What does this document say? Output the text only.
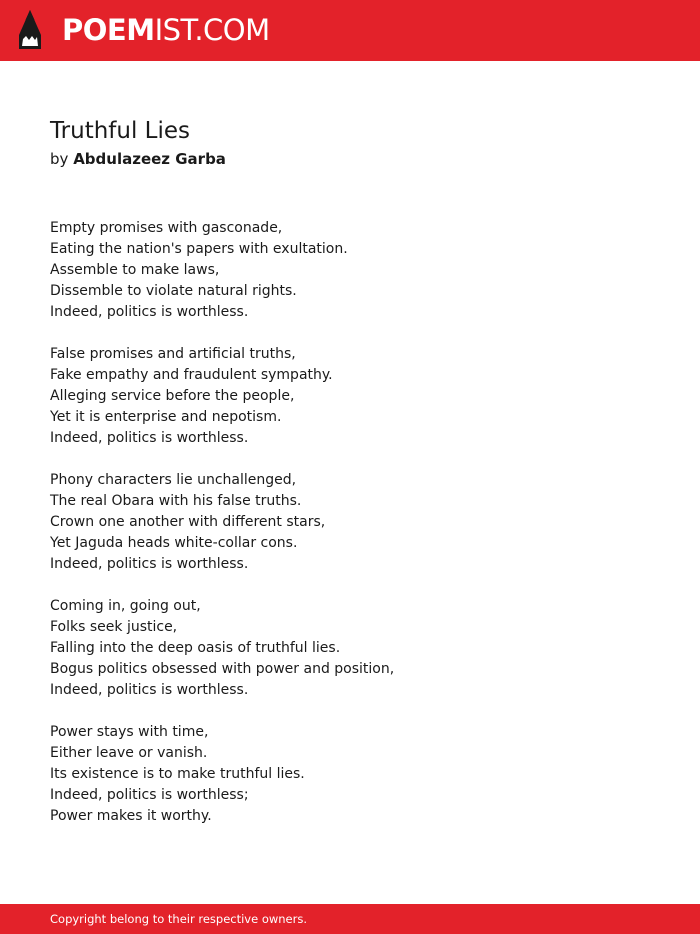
POEMIST.COM
Truthful Lies
by Abdulazeez Garba
Empty promises with gasconade,
Eating the nation's papers with exultation.
Assemble to make laws,
Dissemble to violate natural rights.
Indeed, politics is worthless.
False promises and artificial truths,
Fake empathy and fraudulent sympathy.
Alleging service before the people,
Yet it is enterprise and nepotism.
Indeed, politics is worthless.
Phony characters lie unchallenged,
The real Obara with his false truths.
Crown one another with different stars,
Yet Jaguda heads white-collar cons.
Indeed, politics is worthless.
Coming in, going out,
Folks seek justice,
Falling into the deep oasis of truthful lies.
Bogus politics obsessed with power and position,
Indeed, politics is worthless.
Power stays with time,
Either leave or vanish.
Its existence is to make truthful lies.
Indeed, politics is worthless;
Power makes it worthy.
Copyright belong to their respective owners.
